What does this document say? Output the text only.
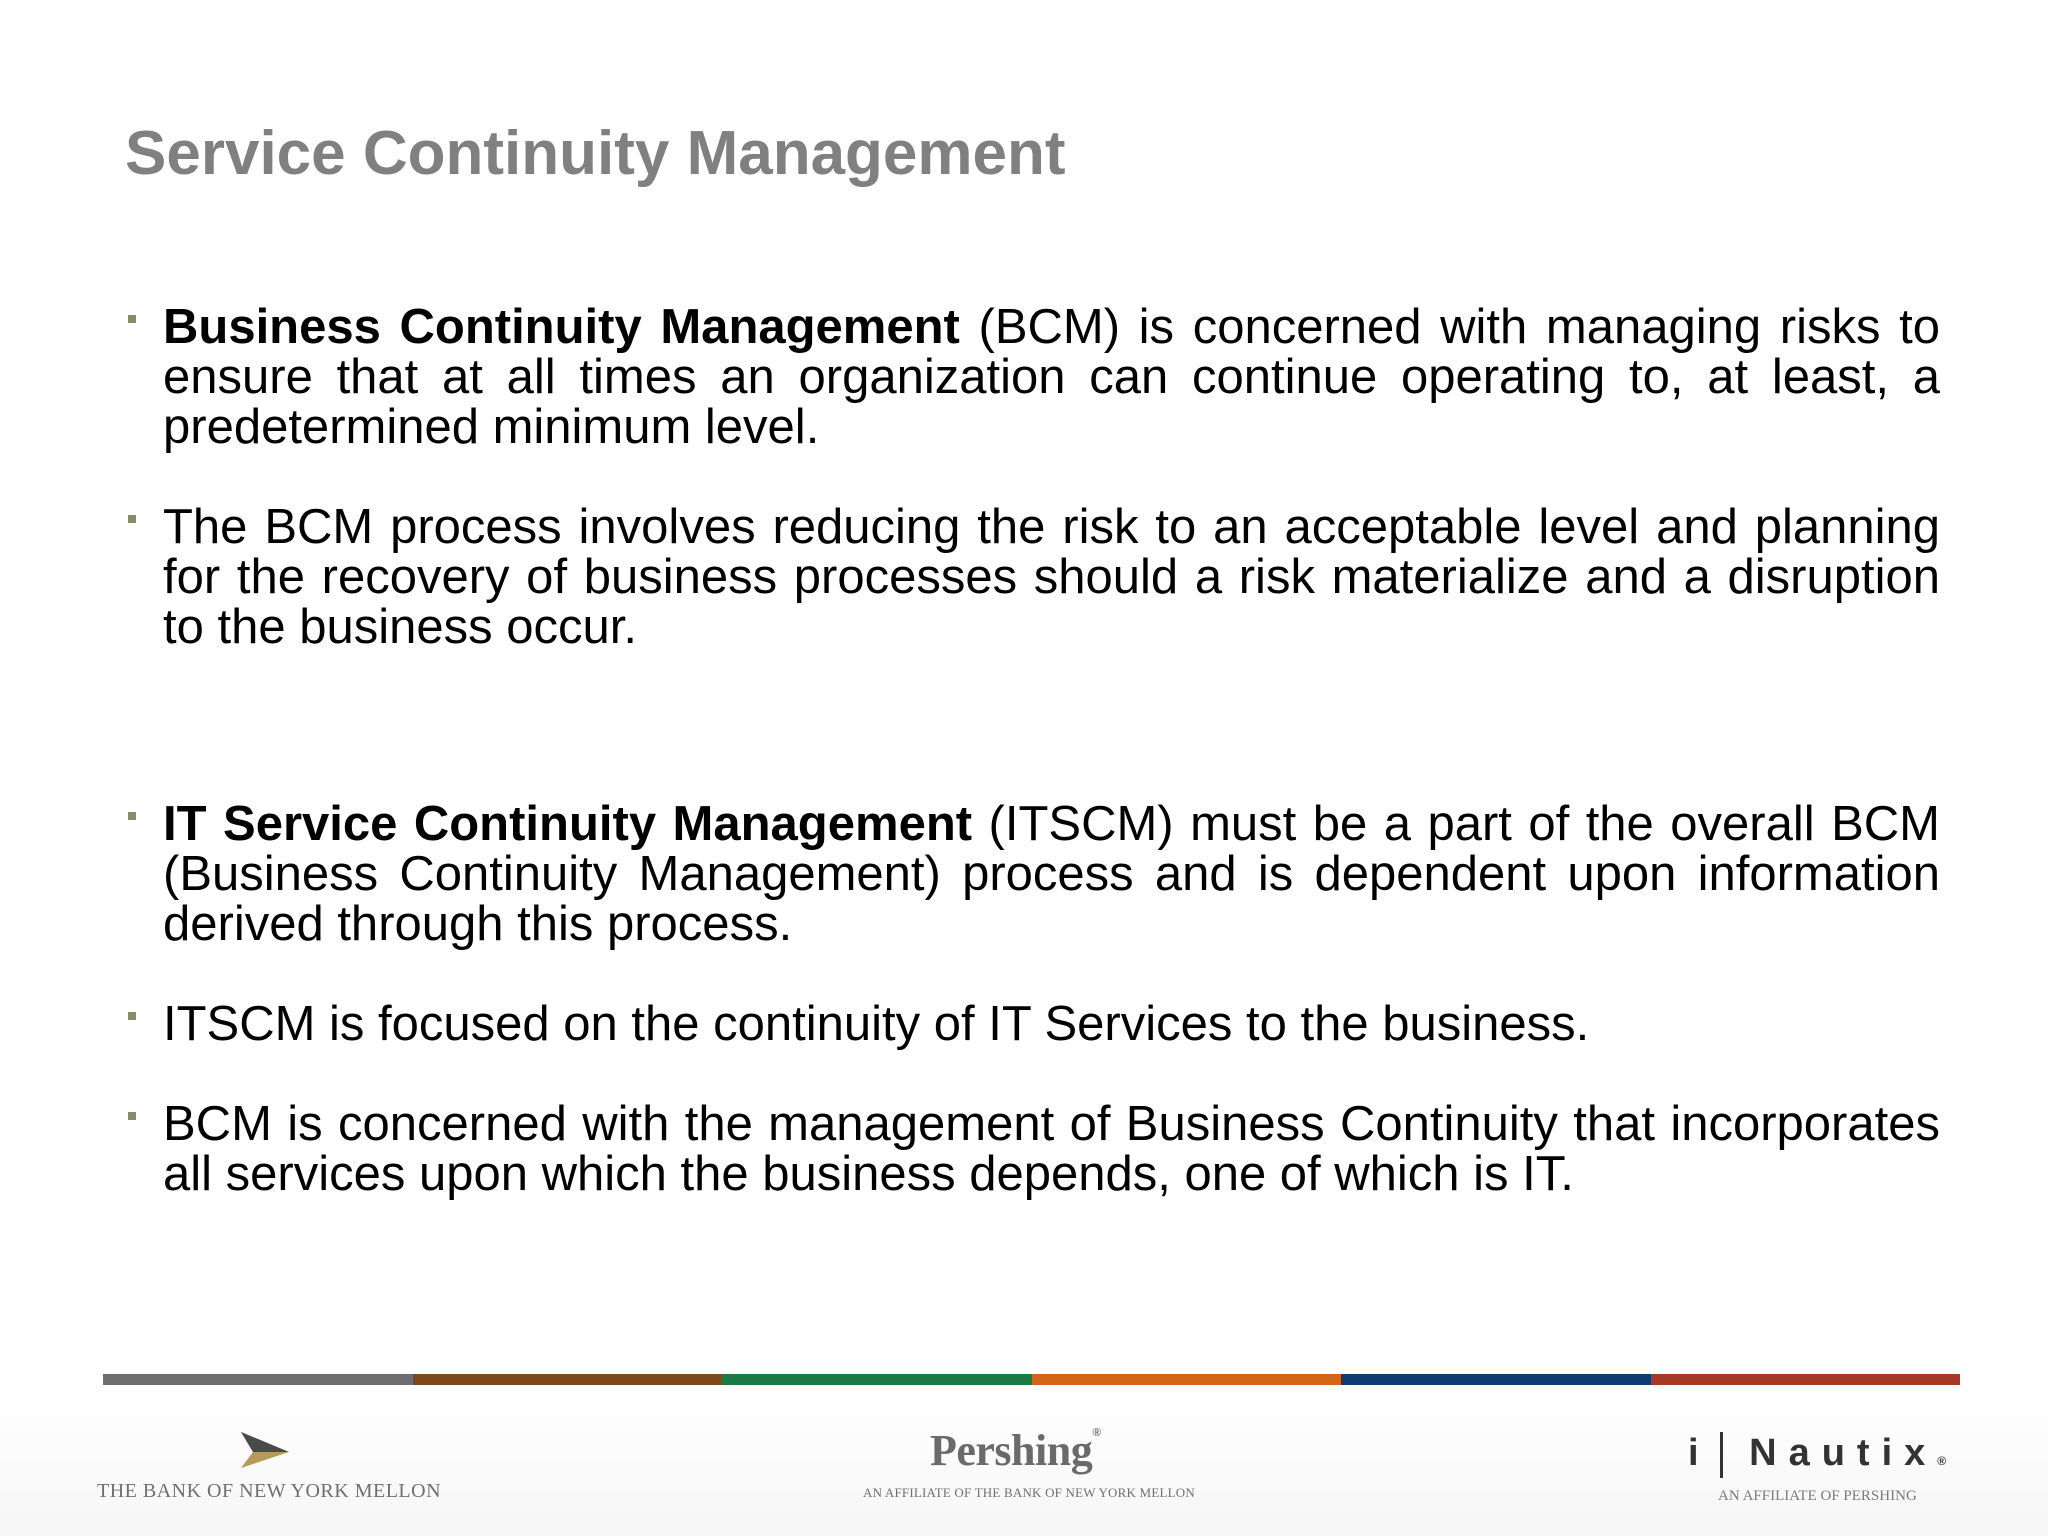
Service Continuity Management
Business Continuity Management (BCM) is concerned with managing risks to ensure that at all times an organization can continue operating to, at least, a predetermined minimum level.
The BCM process involves reducing the risk to an acceptable level and planning for the recovery of business processes should a risk materialize and a disruption to the business occur.
IT Service Continuity Management (ITSCM) must be a part of the overall BCM (Business Continuity Management) process and is dependent upon information derived through this process.
ITSCM is focused on the continuity of IT Services to the business.
BCM is concerned with the management of Business Continuity that incorporates all services upon which the business depends, one of which is IT.
THE BANK OF NEW YORK MELLON
Pershing®
AN AFFILIATE OF THE BANK OF NEW YORK MELLON
i Nautix®
AN AFFILIATE OF PERSHING
